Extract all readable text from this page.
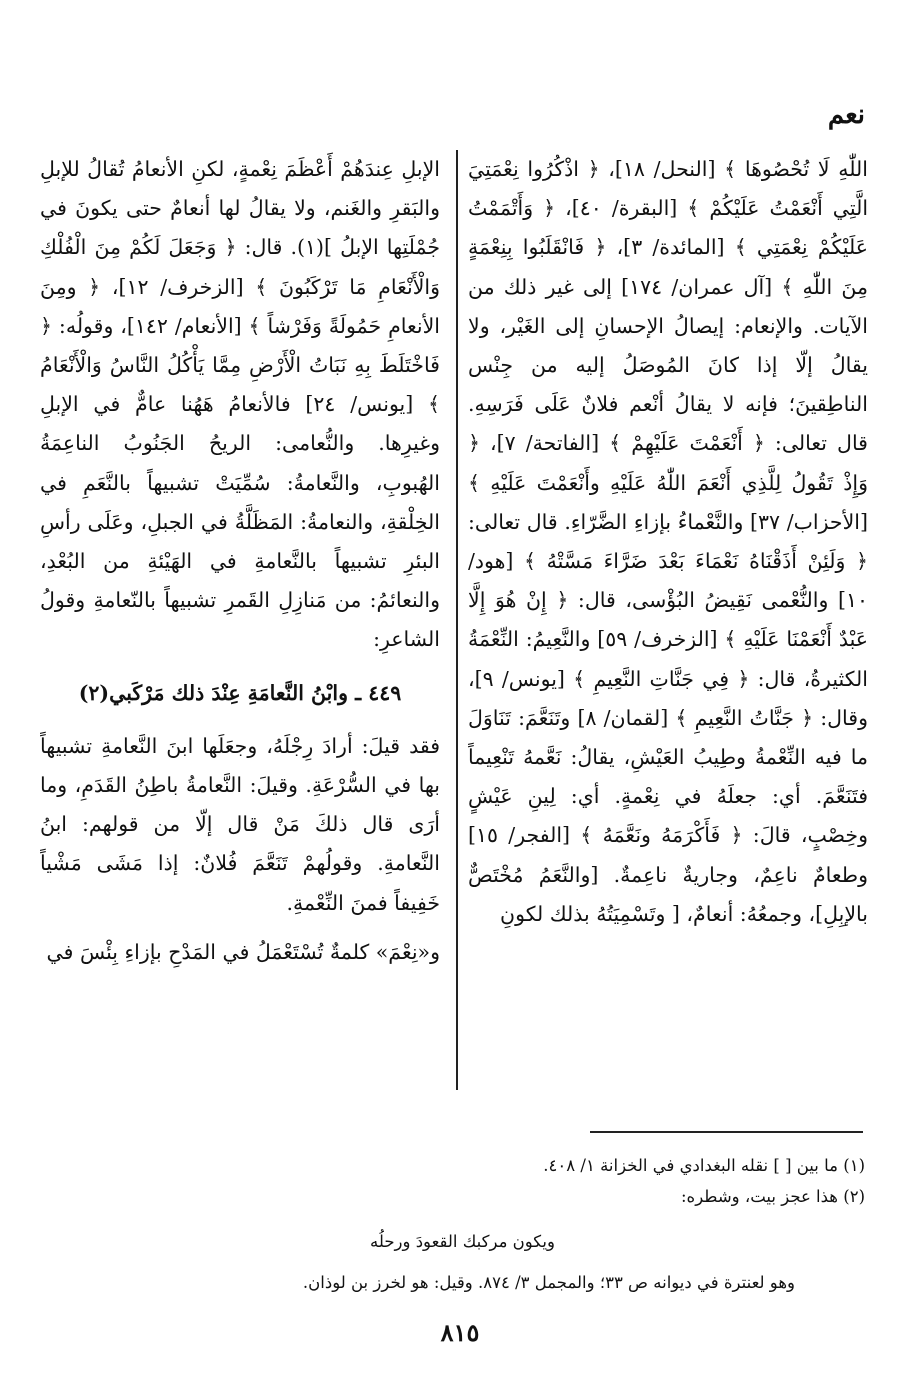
نعم

اللّٰهِ لَا تُحْصُوهَا ﴾ [النحل/ ١٨]، ﴿ اذْكُرُوا نِعْمَتِيَ الَّتِي أَنْعَمْتُ عَلَيْكُمْ ﴾ [البقرة/ ٤٠]، ﴿ وَأَتْمَمْتُ عَلَيْكُمْ نِعْمَتِي ﴾ [المائدة/ ٣]، ﴿ فَانْقَلَبُوا بِنِعْمَةٍ مِنَ اللّٰهِ ﴾ [آل عمران/ ١٧٤] إلى غير ذلك من الآيات. والإنعام: إيصالُ الإحسانِ إلى الغَيْر، ولا يقالُ إلّا إذا كانَ المُوصَلُ إليه من جِنْس الناطِقينَ؛ فإنه لا يقالُ أنْعم فلانٌ عَلَى فَرَسِهِ. قال تعالى: ﴿ أَنْعَمْتَ عَلَيْهِمْ ﴾ [الفاتحة/ ٧]، ﴿ وَإِذْ تَقُولُ لِلَّذِي أَنْعَمَ اللّٰهُ عَلَيْهِ وأَنْعَمْتَ عَلَيْهِ ﴾ [الأحزاب/ ٣٧] والنَّعْماءُ بإزاءِ الضَّرّاءِ. قال تعالى: ﴿ وَلَئِنْ أَذَقْنَاهُ نَعْمَاءَ بَعْدَ ضَرَّاءَ مَسَّتْهُ ﴾ [هود/ ١٠] والنُّعْمى نَقِيضُ البُؤْسى، قال: ﴿ إِنْ هُوَ إِلَّا عَبْدٌ أَنْعَمْنَا عَلَيْهِ ﴾ [الزخرف/ ٥٩] والنَّعِيمُ: النِّعْمَةُ الكثيرةُ، قال: ﴿ فِي جَنَّاتِ النَّعِيمِ ﴾ [يونس/ ٩]، وقال: ﴿ جَنَّاتُ النَّعِيمِ ﴾ [لقمان/ ٨] وتَنَعَّمَ: تَنَاوَلَ ما فيه النِّعْمةُ وطِيبُ العَيْشِ، يقالُ: نَعَّمهُ تَنْعِيماً فتَنَعَّمَ. أي: جعلَهُ في نِعْمةٍ. أي: لِينِ عَيْشٍ وخِصْبٍ، قالَ: ﴿ فَأَكْرَمَهُ ونَعَّمَهُ ﴾ [الفجر/ ١٥] وطعامٌ ناعِمٌ، وجاريةٌ ناعِمةٌ. [والنَّعَمُ مُخْتَصٌّ بالإبِلِ]، وجمعُهُ: أنعامٌ، [ وتَسْمِيَتُهُ بذلك لكونِ

الإبلِ عِندَهُمْ أَعْظَمَ نِعْمةٍ، لكنِ الأنعامُ تُقالُ للإبلِ والبَقرِ والغَنم، ولا يقالُ لها أنعامٌ حتى يكونَ في جُمْلَتِها الإبلُ ](١). قال: ﴿ وَجَعَلَ لَكُمْ مِنَ الْفُلْكِ وَالْأَنْعَامِ مَا تَرْكَبُونَ ﴾ [الزخرف/ ١٢]، ﴿ ومِنَ الأنعامِ حَمُولَةً وَفَرْشاً ﴾ [الأنعام/ ١٤٢]، وقولُه: ﴿ فَاخْتَلَطَ بِهِ نَبَاتُ الْأَرْضِ مِمَّا يَأْكُلُ النَّاسُ وَالْأَنْعَامُ ﴾ [يونس/ ٢٤] فالأنعامُ هَهُنا عامٌّ في الإبلِ وغيرِها. والنُّعامى: الريحُ الجَنُوبُ الناعِمَةُ الهُبوبِ، والنَّعامةُ: سُمِّيَتْ تشبيهاً بالنَّعَمِ في الخِلْقةِ، والنعامةُ: المَظَلَّةُ في الجبلِ، وعَلَى رأسِ البئرِ تشبيهاً بالنَّعامةِ في الهَيْئةِ من البُعْدِ، والنعائمُ: من مَنازِلِ القَمرِ تشبيهاً بالنّعامةِ وقولُ الشاعرِ:

٤٤٩ ـ وابْنُ النَّعامَةِ عِنْدَ ذلك مَرْكَبي(٢)

فقد قيلَ: أرادَ رِجْلَهُ، وجعَلَها ابنَ النَّعامةِ تشبيهاً بها في السُّرْعَةِ. وقيلَ: النَّعامةُ باطِنُ القَدَمِ، وما أرَى قال ذلكَ مَنْ قال إلّا من قولهم: ابنُ النَّعامةِ. وقولُهمْ تَنَعَّمَ فُلانٌ: إذا مَشَى مَشْياً خَفِيفاً فمنَ النِّعْمةِ.

و«نِعْمَ» كلمةٌ تُسْتَعْمَلُ في المَدْحِ بإزاءِ بِئْسَ في

(١) ما بين [ ] نقله البغدادي في الخزانة ١/ ٤٠٨.

(٢) هذا عجز بيت، وشطره:

ويكون مركبك القعودَ ورحلُه

وهو لعنترة في ديوانه ص ٣٣؛ والمجمل ٣/ ٨٧٤. وقيل: هو لخرز بن لوذان.

٨١٥
